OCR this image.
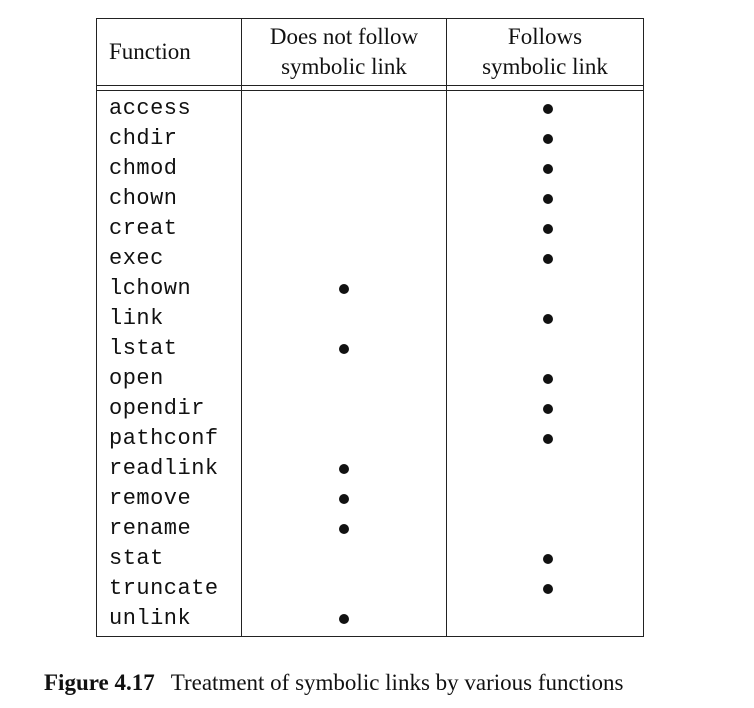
Function
Does not follow
symbolic link
Follows
symbolic link
access
chdir
chmod
chown
creat
exec
lchown
link
lstat
open
opendir
pathconf
readlink
remove
rename
stat
truncate
unlink
Figure 4.17 Treatment of symbolic links by various functions
